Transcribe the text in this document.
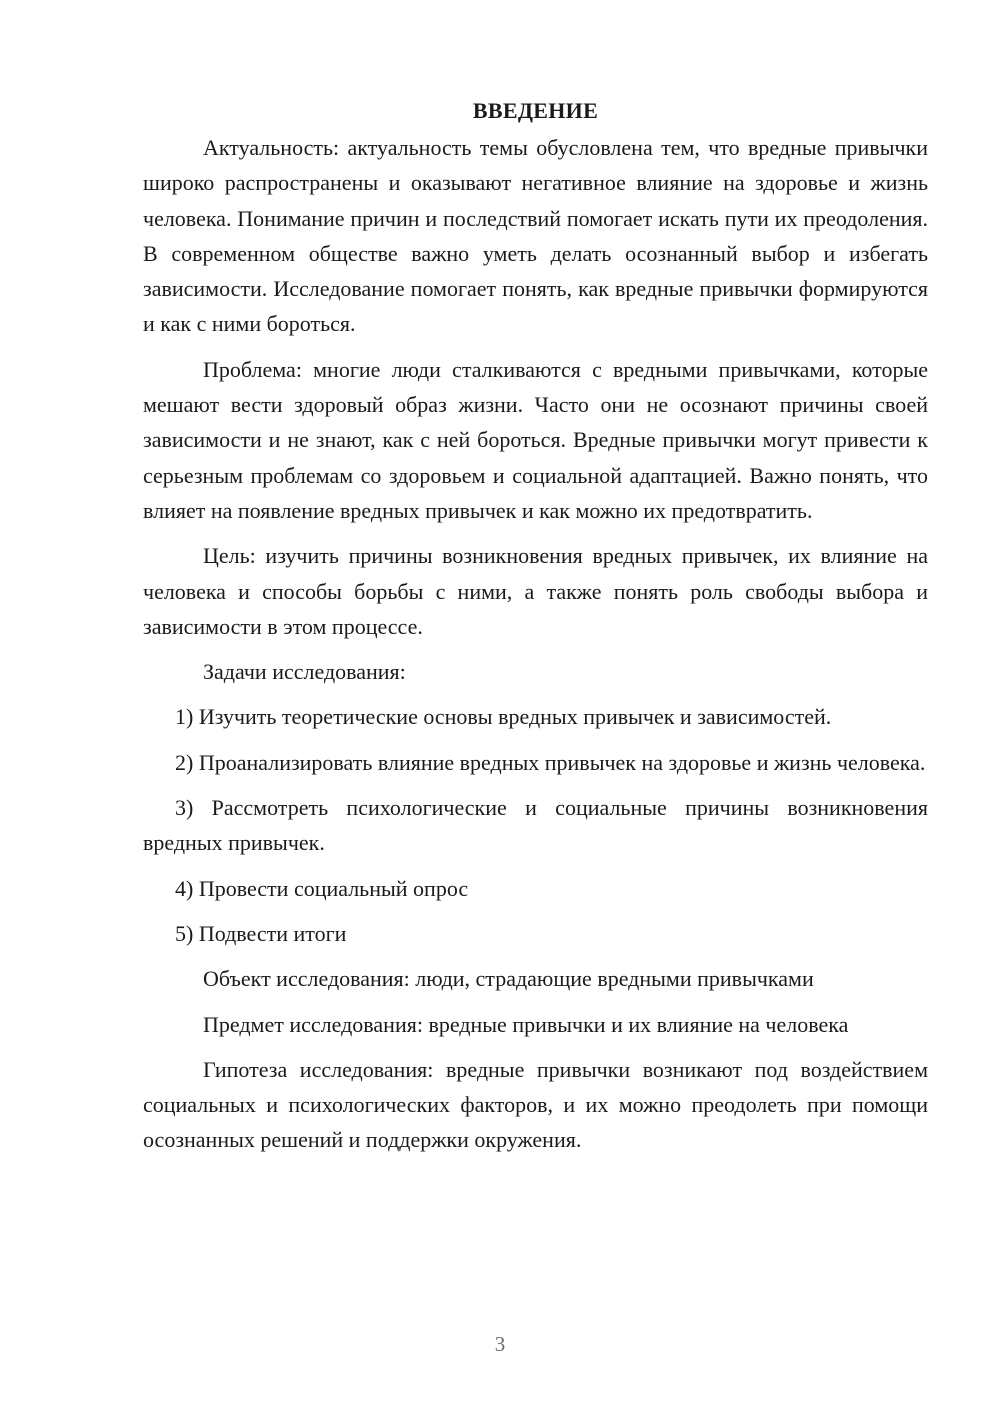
ВВЕДЕНИЕ

Актуальность: актуальность темы обусловлена тем, что вредные привычки широко распространены и оказывают негативное влияние на здоровье и жизнь человека. Понимание причин и последствий помогает искать пути их преодоления. В современном обществе важно уметь делать осознанный выбор и избегать зависимости. Исследование помогает понять, как вредные привычки формируются и как с ними бороться.

Проблема: многие люди сталкиваются с вредными привычками, которые мешают вести здоровый образ жизни. Часто они не осознают причины своей зависимости и не знают, как с ней бороться. Вредные привычки могут привести к серьезным проблемам со здоровьем и социальной адаптацией. Важно понять, что влияет на появление вредных привычек и как можно их предотвратить.

Цель: изучить причины возникновения вредных привычек, их влияние на человека и способы борьбы с ними, а также понять роль свободы выбора и зависимости в этом процессе.

Задачи исследования:

1) Изучить теоретические основы вредных привычек и зависимостей.

2) Проанализировать влияние вредных привычек на здоровье и жизнь человека.

3) Рассмотреть психологические и социальные причины возникновения вредных привычек.

4) Провести социальный опрос

5) Подвести итоги

Объект исследования: люди, страдающие вредными привычками

Предмет исследования: вредные привычки и их влияние на человека

Гипотеза исследования: вредные привычки возникают под воздействием социальных и психологических факторов, и их можно преодолеть при помощи осознанных решений и поддержки окружения.

3
